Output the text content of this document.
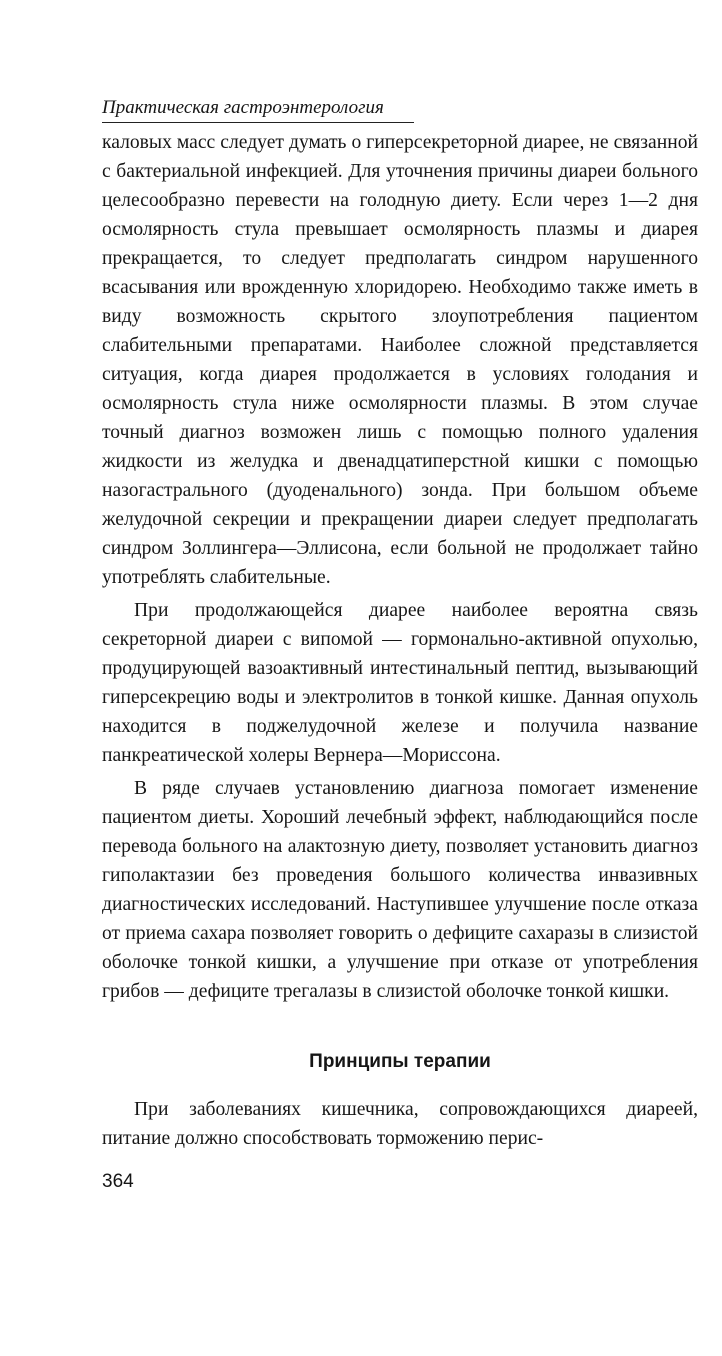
Практическая гастроэнтерология

каловых масс следует думать о гиперсекреторной диарее, не связанной с бактериальной инфекцией. Для уточнения причины диареи больного целесообразно перевести на голодную диету. Если через 1—2 дня осмолярность стула превышает осмолярность плазмы и диарея прекращается, то следует предполагать синдром нарушенного всасывания или врожденную хлоридорею. Необходимо также иметь в виду возможность скрытого злоупотребления пациентом слабительными препаратами. Наиболее сложной представляется ситуация, когда диарея продолжается в условиях голодания и осмолярность стула ниже осмолярности плазмы. В этом случае точный диагноз возможен лишь с помощью полного удаления жидкости из желудка и двенадцатиперстной кишки с помощью назогастрального (дуоденального) зонда. При большом объеме желудочной секреции и прекращении диареи следует предполагать синдром Золлингера—Эллисона, если больной не продолжает тайно употреблять слабительные.

При продолжающейся диарее наиболее вероятна связь секреторной диареи с випомой — гормонально-активной опухолью, продуцирующей вазоактивный интестинальный пептид, вызывающий гиперсекрецию воды и электролитов в тонкой кишке. Данная опухоль находится в поджелудочной железе и получила название панкреатической холеры Вернера—Мориссона.

В ряде случаев установлению диагноза помогает изменение пациентом диеты. Хороший лечебный эффект, наблюдающийся после перевода больного на алактозную диету, позволяет установить диагноз гиполактазии без проведения большого количества инвазивных диагностических исследований. Наступившее улучшение после отказа от приема сахара позволяет говорить о дефиците сахаразы в слизистой оболочке тонкой кишки, а улучшение при отказе от употребления грибов — дефиците трегалазы в слизистой оболочке тонкой кишки.

Принципы терапии

При заболеваниях кишечника, сопровождающихся диареей, питание должно способствовать торможению перис-

364
